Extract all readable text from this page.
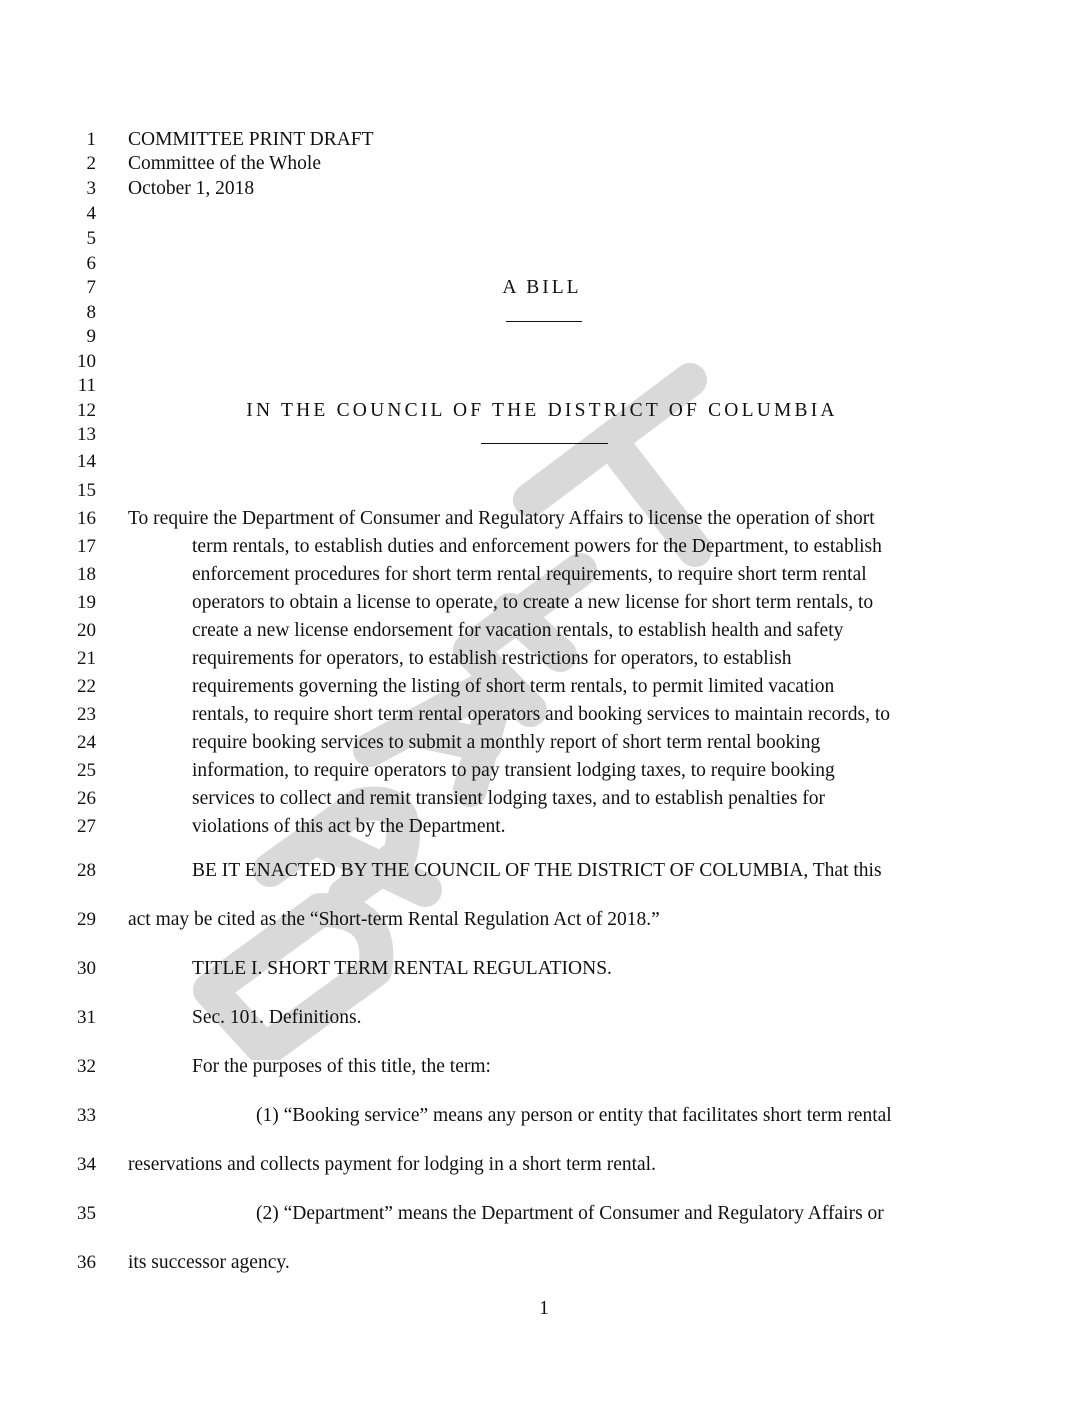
1
2
3
4
5
6
7
8
9
10
11
12
13
14
15
16
17
18
19
20
21
22
23
24
25
26
27
28
29
30
31
32
33
34
35
36
COMMITTEE PRINT DRAFT
Committee of the Whole
October 1, 2018
A BILL
IN THE COUNCIL OF THE DISTRICT OF COLUMBIA
To require the Department of Consumer and Regulatory Affairs to license the operation of short
term rentals, to establish duties and enforcement powers for the Department, to establish
enforcement procedures for short term rental requirements, to require short term rental
operators to obtain a license to operate, to create a new license for short term rentals, to
create a new license endorsement for vacation rentals, to establish health and safety
requirements for operators, to establish restrictions for operators, to establish
requirements governing the listing of short term rentals, to permit limited vacation
rentals, to require short term rental operators and booking services to maintain records, to
require booking services to submit a monthly report of short term rental booking
information, to require operators to pay transient lodging taxes, to require booking
services to collect and remit transient lodging taxes, and to establish penalties for
violations of this act by the Department.
BE IT ENACTED BY THE COUNCIL OF THE DISTRICT OF COLUMBIA, That this
act may be cited as the “Short-term Rental Regulation Act of 2018.”
TITLE I. SHORT TERM RENTAL REGULATIONS.
Sec. 101. Definitions.
For the purposes of this title, the term:
(1) “Booking service” means any person or entity that facilitates short term rental
reservations and collects payment for lodging in a short term rental.
(2) “Department” means the Department of Consumer and Regulatory Affairs or
its successor agency.
1
